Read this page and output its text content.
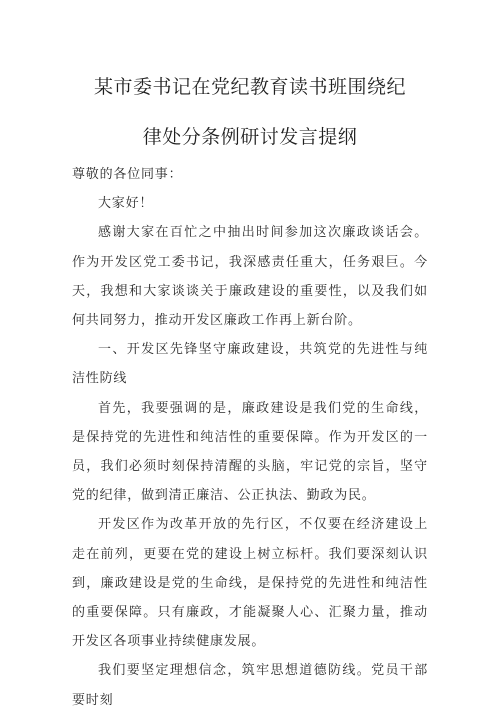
某市委书记在党纪教育读书班围绕纪
律处分条例研讨发言提纲

尊敬的各位同事：

大家好！

感谢大家在百忙之中抽出时间参加这次廉政谈话会。作为开发区党工委书记，我深感责任重大，任务艰巨。今天，我想和大家谈谈关于廉政建设的重要性，以及我们如何共同努力，推动开发区廉政工作再上新台阶。

一、开发区先锋坚守廉政建设，共筑党的先进性与纯洁性防线

首先，我要强调的是，廉政建设是我们党的生命线，是保持党的先进性和纯洁性的重要保障。作为开发区的一员，我们必须时刻保持清醒的头脑，牢记党的宗旨，坚守党的纪律，做到清正廉洁、公正执法、勤政为民。

开发区作为改革开放的先行区，不仅要在经济建设上走在前列，更要在党的建设上树立标杆。我们要深刻认识到，廉政建设是党的生命线，是保持党的先进性和纯洁性的重要保障。只有廉政，才能凝聚人心、汇聚力量，推动开发区各项事业持续健康发展。

我们要坚定理想信念，筑牢思想道德防线。党员干部要时刻
